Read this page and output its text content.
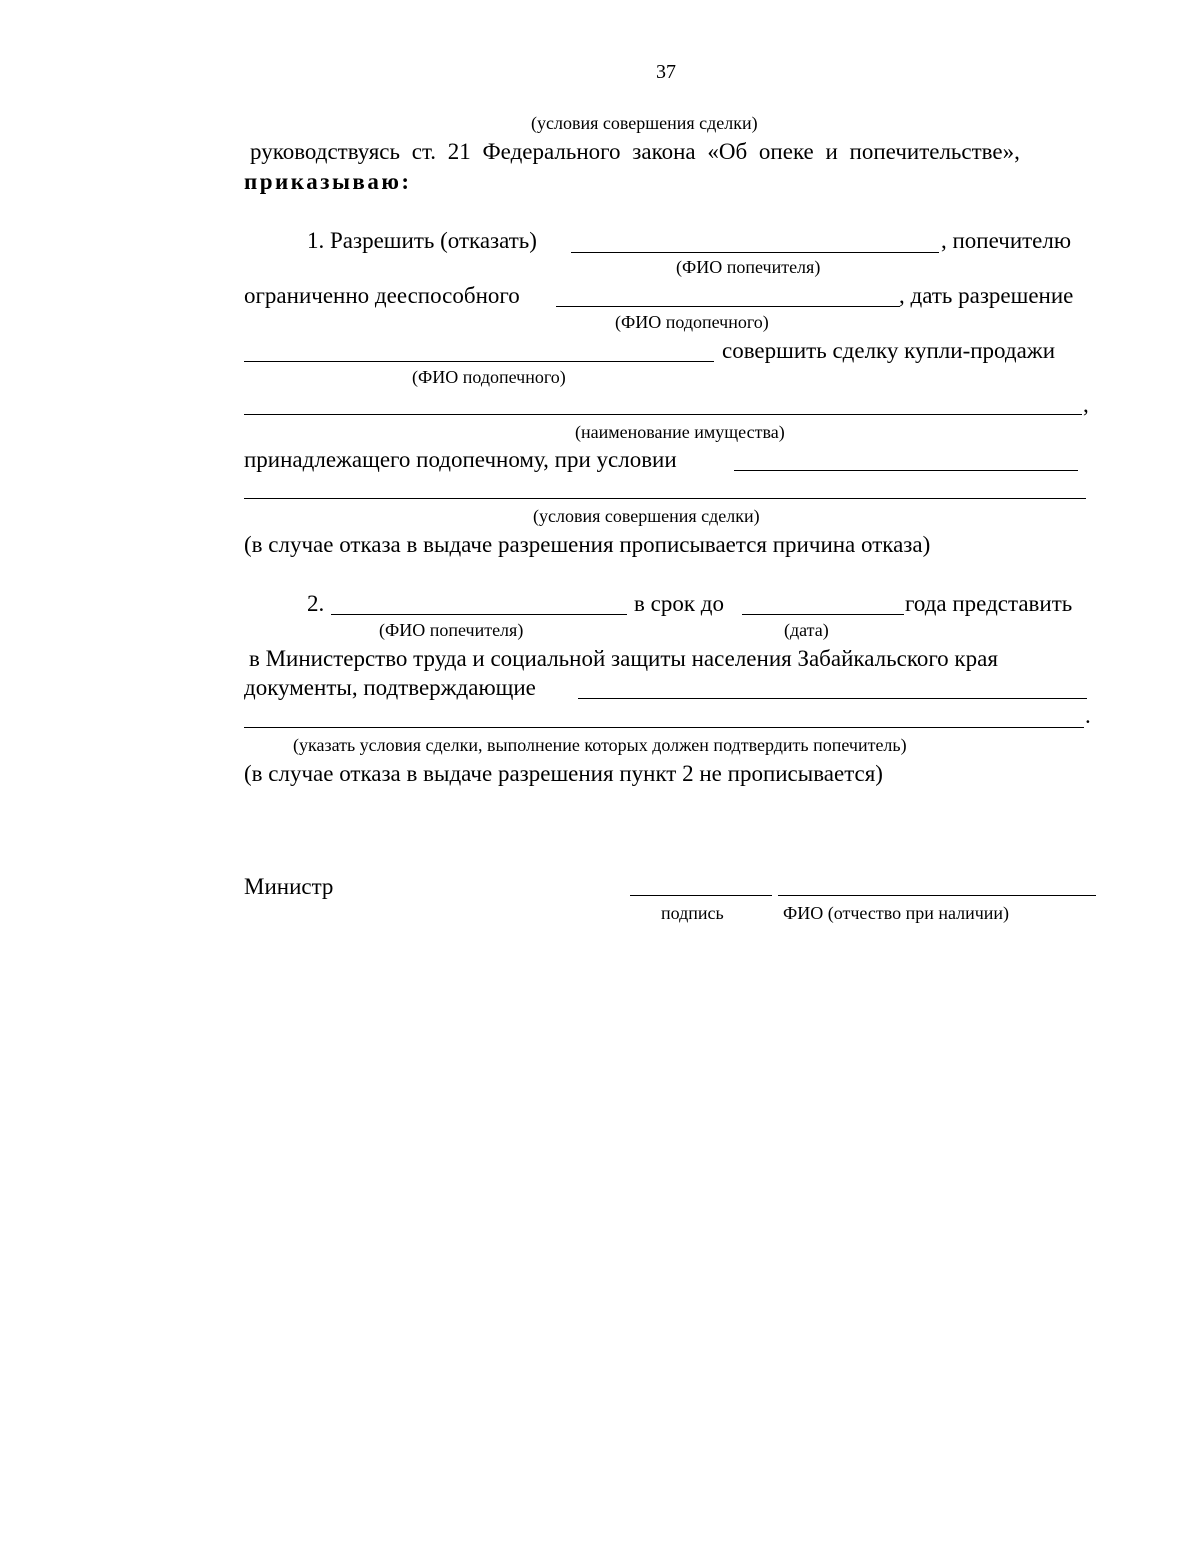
37
(условия совершения сделки)
руководствуясь ст. 21 Федерального закона «Об опеке и попечительстве»,
приказываю:
1. Разрешить (отказать)	, попечителю
(ФИО попечителя)
ограниченно дееспособного	, дать разрешение
(ФИО подопечного)
совершить сделку купли-продажи
(ФИО подопечного)
,
(наименование имущества)
принадлежащего подопечному, при условии
(условия совершения сделки)
(в случае отказа в выдаче разрешения прописывается причина отказа)
2.	в срок до	года представить
(ФИО попечителя)	(дата)
в Министерство труда и социальной защиты населения Забайкальского края
документы, подтверждающие
.
(указать условия сделки, выполнение которых должен подтвердить попечитель)
(в случае отказа в выдаче разрешения пункт 2 не прописывается)
Министр
подпись	ФИО (отчество при наличии)
